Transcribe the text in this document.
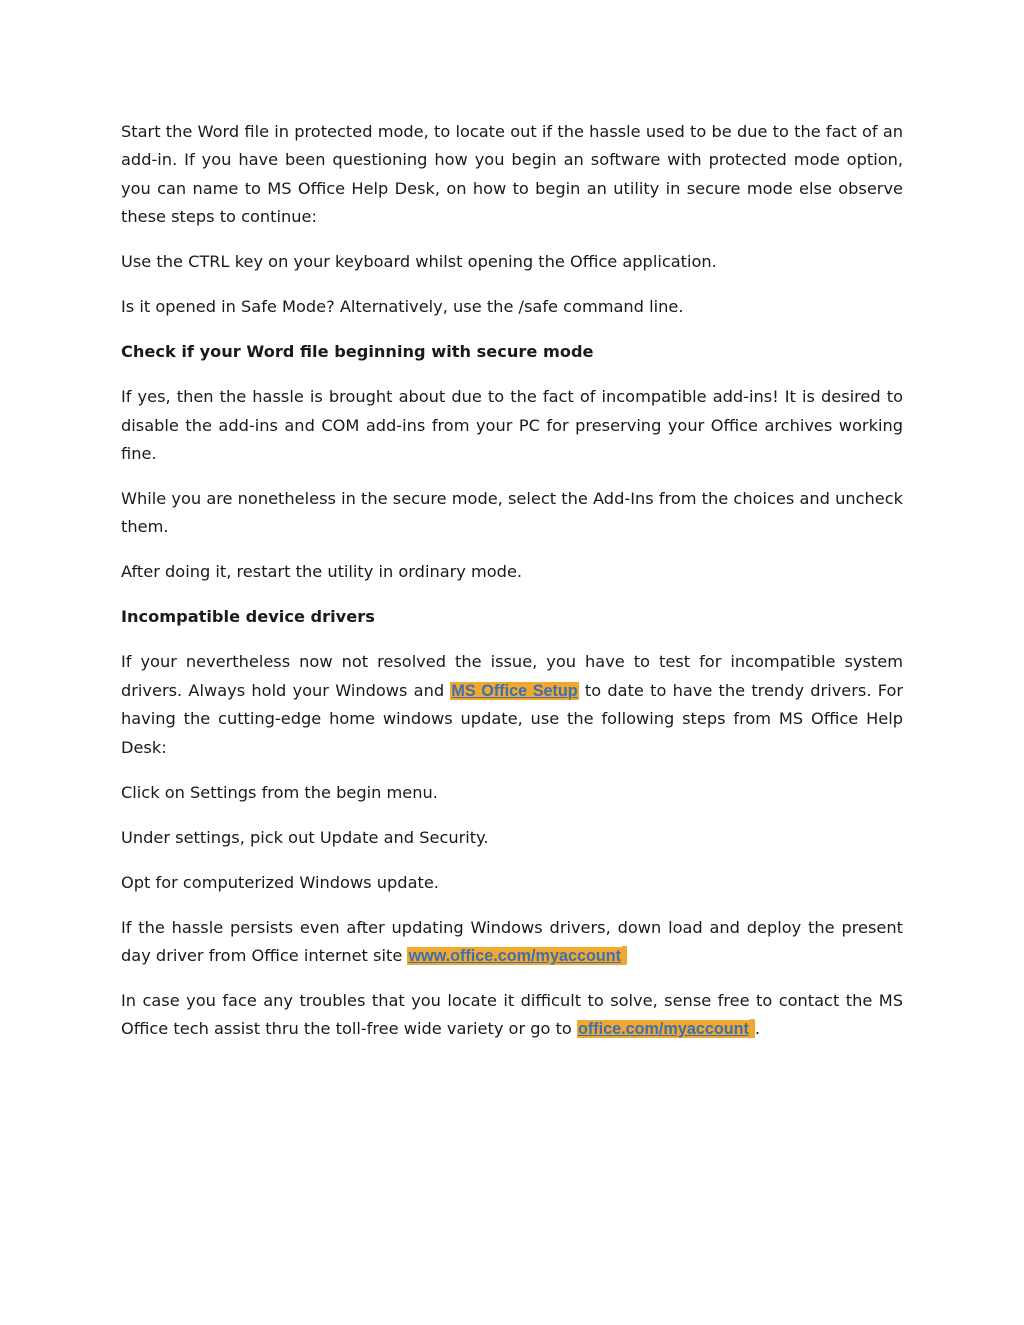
Start the Word file in protected mode, to locate out if the hassle used to be due to the fact of an add-in. If you have been questioning how you begin an software with protected mode option, you can name to MS Office Help Desk, on how to begin an utility in secure mode else observe these steps to continue:

Use the CTRL key on your keyboard whilst opening the Office application.

Is it opened in Safe Mode? Alternatively, use the /safe command line.

Check if your Word file beginning with secure mode

If yes, then the hassle is brought about due to the fact of incompatible add-ins! It is desired to disable the add-ins and COM add-ins from your PC for preserving your Office archives working fine.

While you are nonetheless in the secure mode, select the Add-Ins from the choices and uncheck them.

After doing it, restart the utility in ordinary mode.

Incompatible device drivers

If your nevertheless now not resolved the issue, you have to test for incompatible system drivers. Always hold your Windows and MS Office Setup to date to have the trendy drivers. For having the cutting-edge home windows update, use the following steps from MS Office Help Desk:

Click on Settings from the begin menu.

Under settings, pick out Update and Security.

Opt for computerized Windows update.

If the hassle persists even after updating Windows drivers, down load and deploy the present day driver from Office internet site www.office.com/myaccount.

In case you face any troubles that you locate it difficult to solve, sense free to contact the MS Office tech assist thru the toll-free wide variety or go to office.com/myaccount .
